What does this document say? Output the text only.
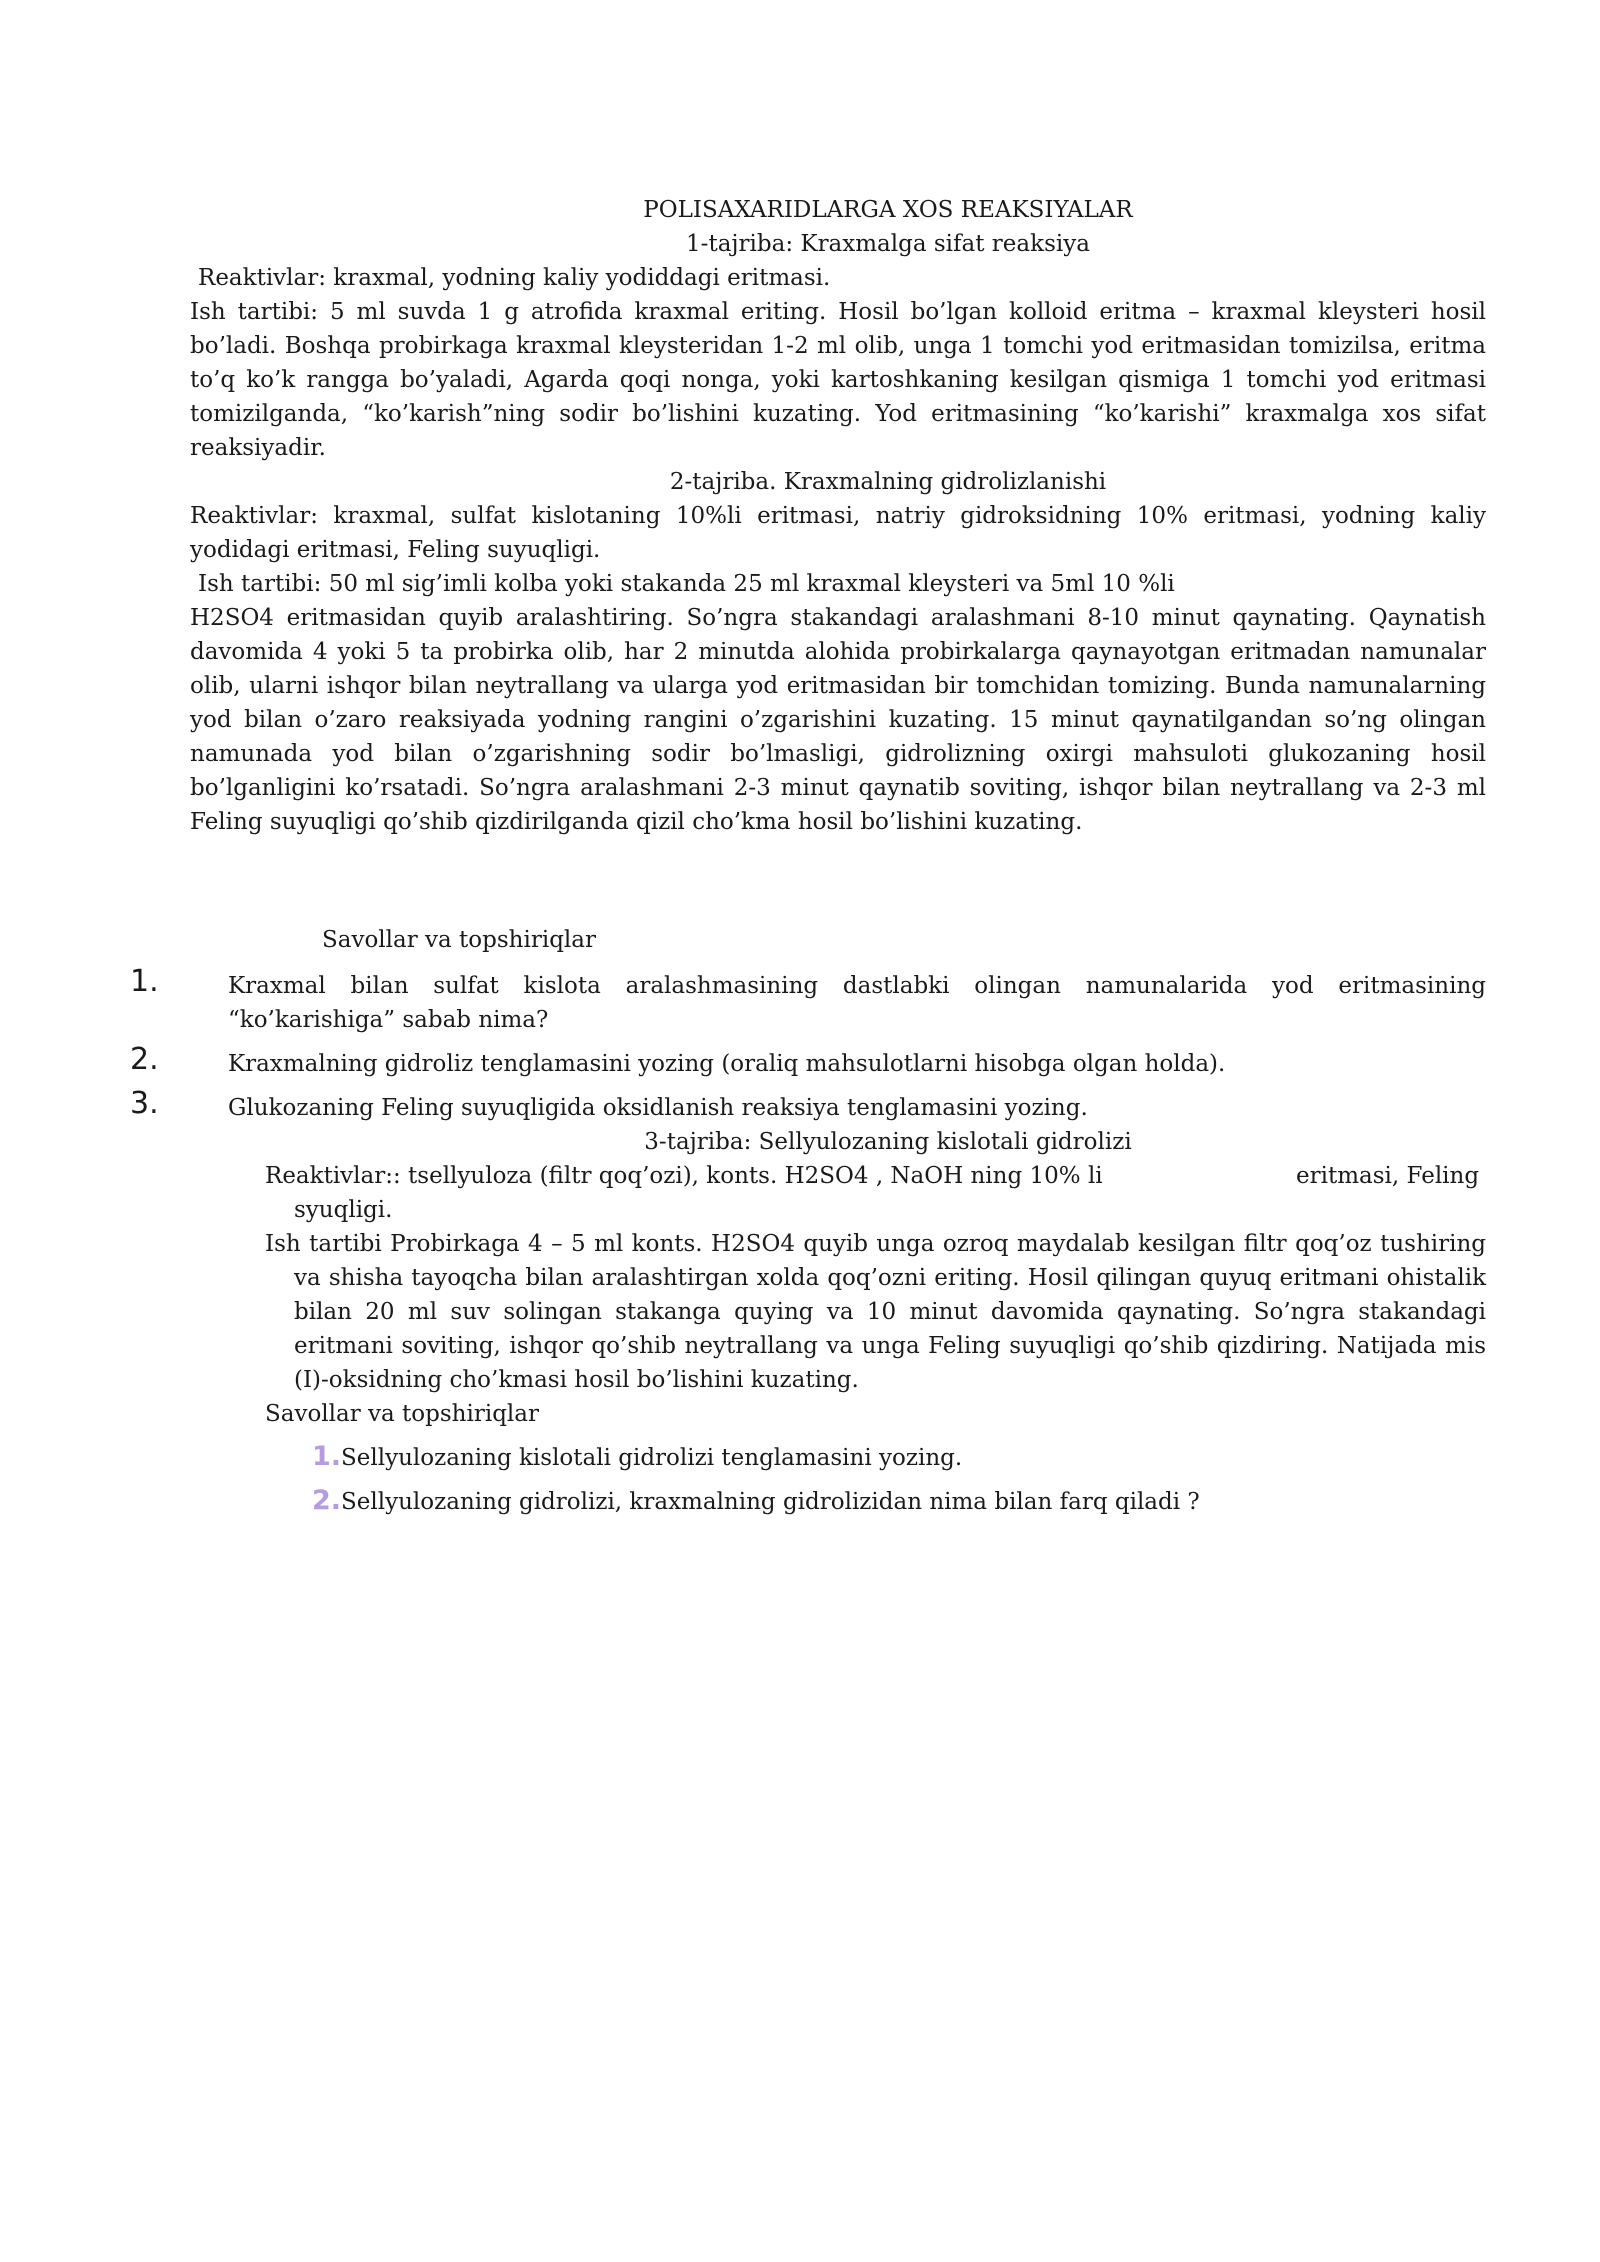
POLISAXARIDLARGA XOS REAKSIYALAR
1-tajriba: Kraxmalga sifat reaksiya
Reaktivlar: kraxmal, yodning kaliy yodiddagi eritmasi.
Ish tartibi: 5 ml suvda 1 g atrofida kraxmal eriting. Hosil bo’lgan kolloid eritma – kraxmal kleysteri hosil bo’ladi. Boshqa probirkaga kraxmal kleysteridan 1-2 ml olib, unga 1 tomchi yod eritmasidan tomizilsa, eritma to’q ko’k rangga bo’yaladi, Agarda qoqi nonga, yoki kartoshkaning kesilgan qismiga 1 tomchi yod eritmasi tomizilganda, “ko’karish”ning sodir bo’lishini kuzating. Yod eritmasining “ko’karishi” kraxmalga xos sifat reaksiyadir.
2-tajriba. Kraxmalning gidrolizlanishi
Reaktivlar: kraxmal, sulfat kislotaning 10%li eritmasi, natriy gidroksidning 10% eritmasi, yodning kaliy yodidagi eritmasi, Feling suyuqligi.
Ish tartibi: 50 ml sig’imli kolba yoki stakanda 25 ml kraxmal kleysteri va 5ml 10 %li
H2SO4 eritmasidan quyib aralashtiring. So’ngra stakandagi aralashmani 8-10 minut qaynating. Qaynatish davomida 4 yoki 5 ta probirka olib, har 2 minutda alohida probirkalarga qaynayotgan eritmadan namunalar olib, ularni ishqor bilan neytrallang va ularga yod eritmasidan bir tomchidan tomizing. Bunda namunalarning yod bilan o’zaro reaksiyada yodning rangini o’zgarishini kuzating. 15 minut qaynatilgandan so’ng olingan namunada yod bilan o’zgarishning sodir bo’lmasligi, gidrolizning oxirgi mahsuloti glukozaning hosil bo’lganligini ko’rsatadi. So’ngra aralashmani 2-3 minut qaynatib soviting, ishqor bilan neytrallang va 2-3 ml Feling suyuqligi qo’shib qizdirilganda qizil cho’kma hosil bo’lishini kuzating.
Savollar va topshiriqlar
1.	Kraxmal bilan sulfat kislota aralashmasining dastlabki olingan namunalarida yod eritmasining “ko’karishiga” sabab nima?
2.	Kraxmalning gidroliz tenglamasini yozing (oraliq mahsulotlarni hisobga olgan holda).
3.	Glukozaning Feling suyuqligida oksidlanish reaksiya tenglamasini yozing.
3-tajriba: Sellyulozaning kislotali gidrolizi
Reaktivlar:: tsellyuloza (filtr qoq’ozi), konts. H2SO4 , NaOH ning 10% li	eritmasi, Feling
syuqligi.
Ish tartibi Probirkaga 4 – 5 ml konts. H2SO4 quyib unga ozroq maydalab kesilgan filtr qoq’oz tushiring va shisha tayoqcha bilan aralashtirgan xolda qoq’ozni eriting. Hosil qilingan quyuq eritmani ohistalik bilan 20 ml suv solingan stakanga quying va 10 minut davomida qaynating. So’ngra stakandagi eritmani soviting, ishqor qo’shib neytrallang va unga Feling suyuqligi qo’shib qizdiring. Natijada mis (I)-oksidning cho’kmasi hosil bo’lishini kuzating.
Savollar va topshiriqlar
1.Sellyulozaning kislotali gidrolizi tenglamasini yozing.
2.Sellyulozaning gidrolizi, kraxmalning gidrolizidan nima bilan farq qiladi ?
